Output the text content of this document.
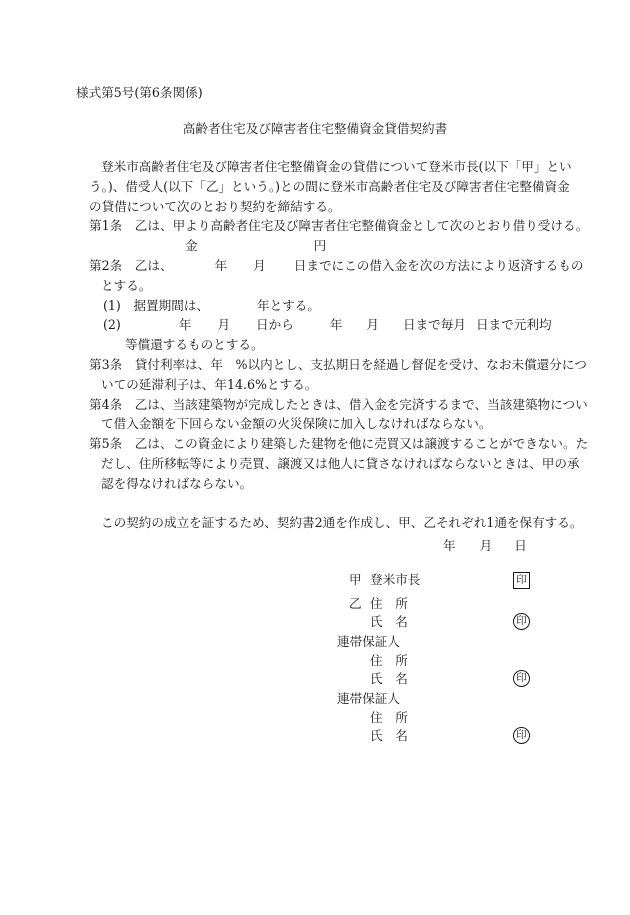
様式第5号(第6条関係)
高齢者住宅及び障害者住宅整備資金貸借契約書

登米市高齢者住宅及び障害者住宅整備資金の貸借について登米市長(以下「甲」とい

う。)、借受人(以下「乙」という。)との間に登米市高齢者住宅及び障害者住宅整備資金

の貸借について次のとおり契約を締結する。

第1条　 乙は、甲より高齢者住宅及び障害者住宅整備資金として次のとおり借り受ける。

金	円

第2条　 乙は、	年 月 日までにこの借入金を次の方法により返済するもの

とする。

(1)　 据置期間は、	年とする。

(2)	年 月 日から	年 月 日まで毎月 日まで元利均

等償還するものとする。

第3条　 貸付利率は、年　%以内とし、支払期日を経過し督促を受け、なお未償還分につ

いての延滞利子は、年14.6%とする。

第4条　 乙は、当該建築物が完成したときは、借入金を完済するまで、当該建築物につい

て借入金額を下回らない金額の火災保険に加入しなければならない。

第5条　 乙は、この資金により建築した建物を他に売買又は譲渡することができない。た

だし、住所移転等により売買、譲渡又は他人に貸さなければならないときは、甲の承

認を得なければならない。

この契約の成立を証するため、契約書2通を作成し、甲、乙それぞれ1通を保有する。

年 月 日
甲 登米市長	印
乙 住　所
氏　名	印
連帯保証人
住　所
氏　名	印
連帯保証人
住　所
氏　名	印
